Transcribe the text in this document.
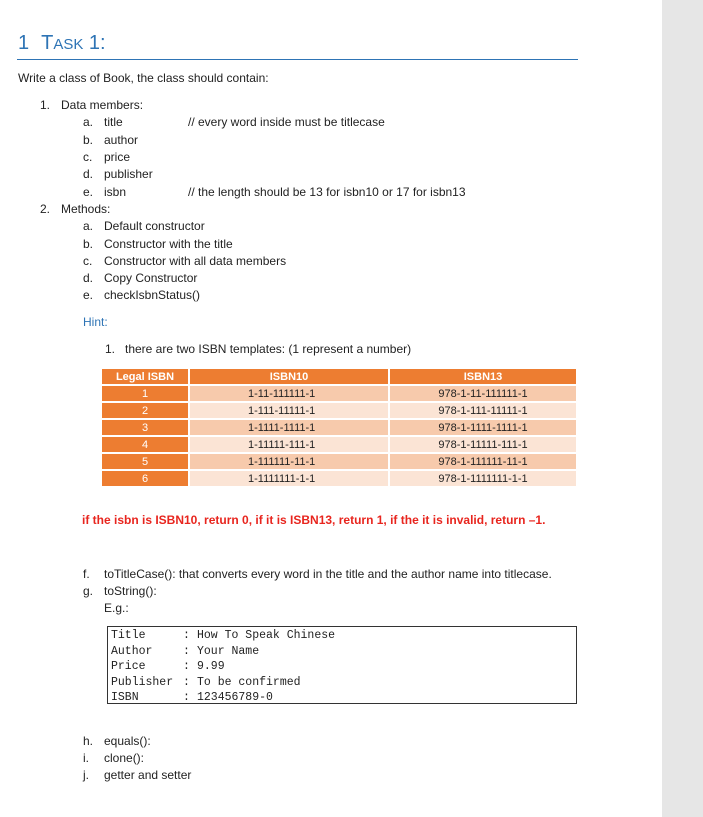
1 TASK 1:
Write a class of Book, the class should contain:
1. Data members:
a. title	// every word inside must be titlecase
b. author
c. price
d. publisher
e. isbn	// the length should be 13 for isbn10 or 17 for isbn13
2. Methods:
a. Default constructor
b. Constructor with the title
c. Constructor with all data members
d. Copy Constructor
e. checkIsbnStatus()
Hint:
1. there are two ISBN templates: (1 represent a number)
Legal ISBN	ISBN10	ISBN13
1	1-11-111111-1	978-1-11-111111-1
2	1-111-11111-1	978-1-111-11111-1
3	1-1111-1111-1	978-1-1111-1111-1
4	1-11111-111-1	978-1-11111-111-1
5	1-111111-11-1	978-1-111111-11-1
6	1-1111111-1-1	978-1-1111111-1-1
if the isbn is ISBN10, return 0, if it is ISBN13, return 1, if the it is invalid, return –1.
f. toTitleCase(): that converts every word in the title and the author name into titlecase.
g. toString():
E.g.:
Title	: How To Speak Chinese
Author	: Your Name
Price	: 9.99
Publisher : To be confirmed
ISBN	: 123456789-0
h. equals():
i. clone():
j. getter and setter
